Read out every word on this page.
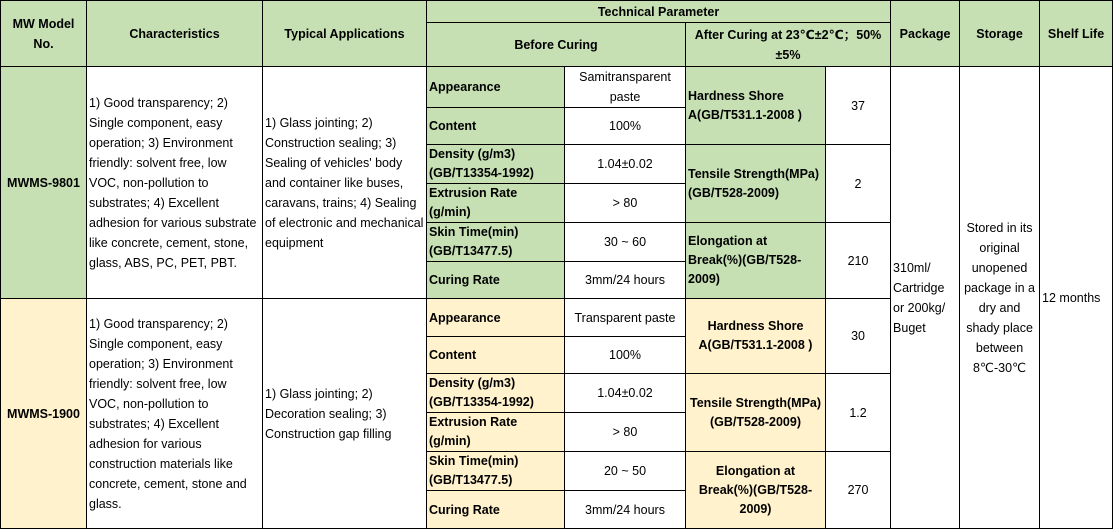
MW Model No.	Characteristics	Typical Applications	Technical Parameter				Package	Storage	Shelf Life
			Before Curing		After Curing at 23℃±2℃；50%±5%				
MWMS-9801	1) Good transparency; 2) Single component, easy operation; 3) Environment friendly: solvent free, low VOC, non-pollution to substrates; 4) Excellent adhesion for various substrate like concrete, cement, stone, glass, ABS, PC, PET, PBT.	1) Glass jointing; 2) Construction sealing; 3) Sealing of vehicles' body and container like buses, caravans, trains; 4) Sealing of electronic and mechanical equipment	Appearance	Samitransparent paste	Hardness Shore A(GB/T531.1-2008 )	37	310ml/ Cartridge or 200kg/ Buget	Stored in its original unopened package in a dry and shady place between 8℃-30℃	12 months
			Content	100%					
			Density (g/m3) (GB/T13354-1992)	1.04±0.02	Tensile Strength(MPa) (GB/T528-2009)	2			
			Extrusion Rate (g/min)	> 80					
			Skin Time(min) (GB/T13477.5)	30 ~ 60	Elongation at Break(%)(GB/T528-2009)	210			
			Curing Rate	3mm/24 hours					
MWMS-1900	1) Good transparency; 2) Single component, easy operation; 3) Environment friendly: solvent free, low VOC, non-pollution to substrates; 4) Excellent adhesion for various construction materials like concrete, cement, stone and glass.	1) Glass jointing; 2) Decoration sealing; 3) Construction gap filling	Appearance	Transparent paste	Hardness Shore A(GB/T531.1-2008 )	30			
			Content	100%					
			Density (g/m3) (GB/T13354-1992)	1.04±0.02	Tensile Strength(MPa) (GB/T528-2009)	1.2			
			Extrusion Rate (g/min)	> 80					
			Skin Time(min) (GB/T13477.5)	20 ~ 50	Elongation at Break(%)(GB/T528-2009)	270			
			Curing Rate	3mm/24 hours					
